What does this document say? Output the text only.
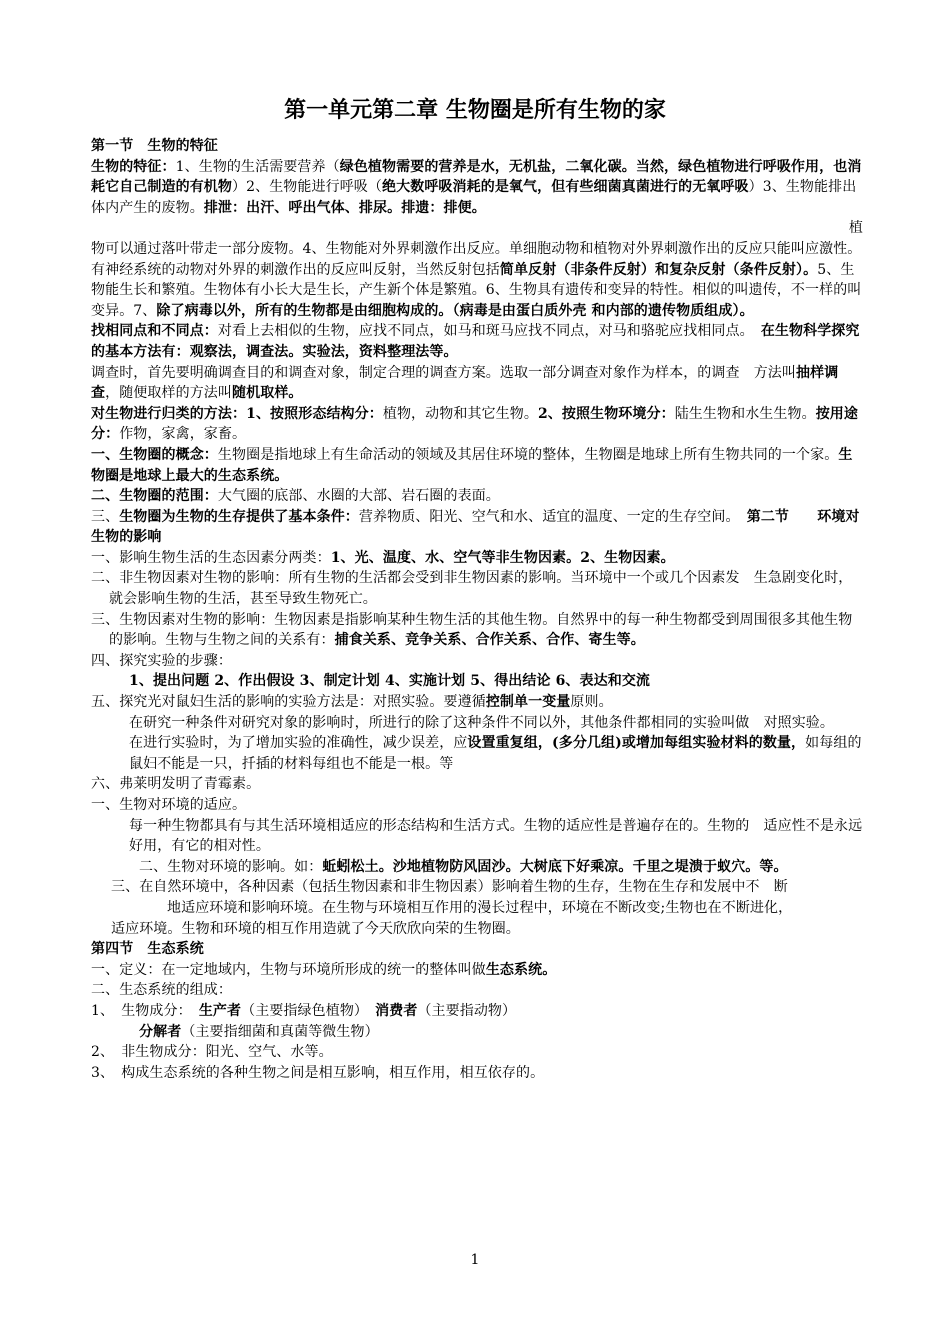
第一单元第二章 生物圈是所有生物的家

第一节　生物的特征

生物的特征：1、生物的生活需要营养（绿色植物需要的营养是水，无机盐，二氧化碳。当然，绿色植物进行呼吸作用，也消耗它自己制造的有机物）2、生物能进行呼吸（绝大数呼吸消耗的是氧气，但有些细菌真菌进行的无氧呼吸）3、生物能排出体内产生的废物。排泄：出汗、呼出气体、排尿。排遗：排便。

植

物可以通过落叶带走一部分废物。4、生物能对外界刺激作出反应。单细胞动物和植物对外界刺激作出的反应只能叫应激性。有神经系统的动物对外界的刺激作出的反应叫反射，当然反射包括简单反射（非条件反射）和复杂反射（条件反射）。5、生物能生长和繁殖。生物体有小长大是生长，产生新个体是繁殖。6、生物具有遗传和变异的特性。相似的叫遗传，不一样的叫变异。7、除了病毒以外，所有的生物都是由细胞构成的。（病毒是由蛋白质外壳 和内部的遗传物质组成）。

找相同点和不同点：对看上去相似的生物，应找不同点，如马和斑马应找不同点，对马和骆驼应找相同点。　在生物科学探究的基本方法有：观察法，调查法。实验法，资料整理法等。

调查时，首先要明确调查目的和调查对象，制定合理的调查方案。选取一部分调查对象作为样本，的调查　方法叫抽样调查，随便取样的方法叫随机取样。

对生物进行归类的方法：1、按照形态结构分：植物，动物和其它生物。2、按照生物环境分：陆生生物和水生生物。按用途分：作物，家禽，家畜。

一、生物圈的概念：生物圈是指地球上有生命活动的领域及其居住环境的整体，生物圈是地球上所有生物共同的一个家。生物圈是地球上最大的生态系统。

二、生物圈的范围：大气圈的底部、水圈的大部、岩石圈的表面。

三、生物圈为生物的生存提供了基本条件：营养物质、阳光、空气和水、适宜的温度、一定的生存空间。　第二节　　环境对生物的影响

一、影响生物生活的生态因素分两类：1、光、温度、水、空气等非生物因素。2、生物因素。

二、非生物因素对生物的影响：所有生物的生活都会受到非生物因素的影响。当环境中一个或几个因素发　生急剧变化时，就会影响生物的生活，甚至导致生物死亡。

三、生物因素对生物的影响：生物因素是指影响某种生物生活的其他生物。自然界中的每一种生物都受到周围很多其他生物的影响。生物与生物之间的关系有：捕食关系、竞争关系、合作关系、合作、寄生等。

四、探究实验的步骤：

1、提出问题 2、作出假设 3、制定计划 4、实施计划 5、得出结论 6、表达和交流

五、探究光对鼠妇生活的影响的实验方法是：对照实验。要遵循控制单一变量原则。

在研究一种条件对研究对象的影响时，所进行的除了这种条件不同以外，其他条件都相同的实验叫做　对照实验。

在进行实验时，为了增加实验的准确性，减少误差，应设置重复组，(多分几组)或增加每组实验材料的数量，如每组的鼠妇不能是一只，扦插的材料每组也不能是一根。等

六、弗莱明发明了青霉素。

一、生物对环境的适应。

每一种生物都具有与其生活环境相适应的形态结构和生活方式。生物的适应性是普遍存在的。生物的　适应性不是永远好用，有它的相对性。

二、生物对环境的影响。如：蚯蚓松土。沙地植物防风固沙。大树底下好乘凉。千里之堤溃于蚁穴。等。

三、在自然环境中，各种因素（包括生物因素和非生物因素）影响着生物的生存，生物在生存和发展中不　断

地适应环境和影响环境。在生物与环境相互作用的漫长过程中，环境在不断改变;生物也在不断进化，

适应环境。生物和环境的相互作用造就了今天欣欣向荣的生物圈。

第四节　生态系统

一、定义：在一定地域内，生物与环境所形成的统一的整体叫做生态系统。

二、生态系统的组成：

1、　生物成分：　生产者（主要指绿色植物）　消费者（主要指动物）

分解者（主要指细菌和真菌等微生物）

2、　非生物成分：阳光、空气、水等。

3、　构成生态系统的各种生物之间是相互影响，相互作用，相互依存的。

1
